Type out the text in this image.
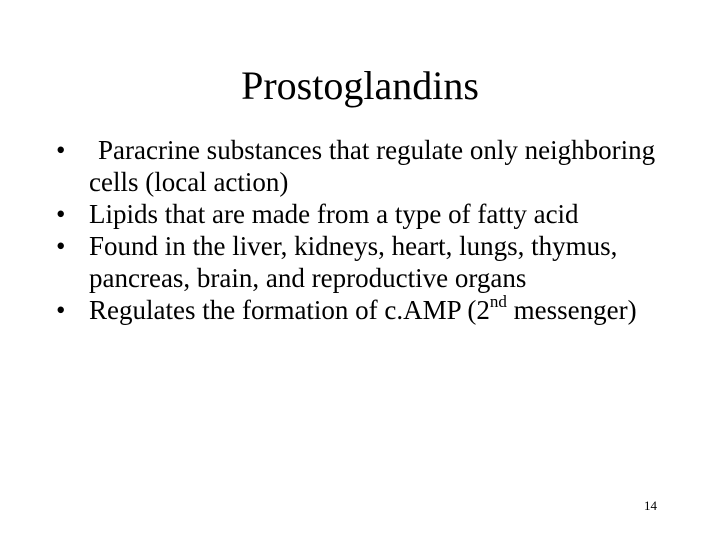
Prostoglandins
•	Paracrine substances that regulate only neighboring cells (local action)
• Lipids that are made from a type of fatty acid
• Found in the liver, kidneys, heart, lungs, thymus, pancreas, brain, and reproductive organs
• Regulates the formation of c.AMP (2nd messenger)
14
